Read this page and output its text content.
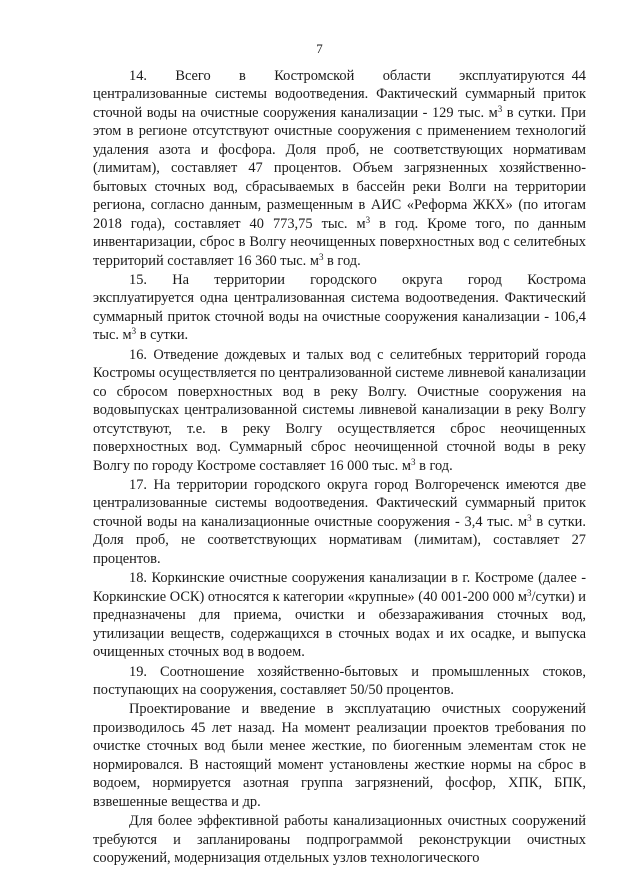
7

14.    Всего    в    Костромской    области    эксплуатируются 44 централизованные системы водоотведения. Фактический суммарный приток сточной воды на очистные сооружения канализации - 129 тыс. $м^3$ в сутки. При этом в регионе отсутствуют очистные сооружения с применением технологий удаления азота и фосфора. Доля проб, не соответствующих нормативам (лимитам), составляет 47 процентов. Объем загрязненных хозяйственно-бытовых сточных вод, сбрасываемых в бассейн реки Волги на территории региона, согласно данным, размещенным в АИС «Реформа ЖКХ» (по итогам 2018 года), составляет 40 773,75 тыс. $м^3$ в год. Кроме того, по данным инвентаризации, сброс в Волгу неочищенных поверхностных вод с селитебных территорий составляет 16 360 тыс. $м^3$ в год.

15.    На    территории    городского    округа    город    Кострома эксплуатируется одна централизованная система водоотведения. Фактический суммарный приток сточной воды на очистные сооружения канализации - 106,4 тыс. $м^3$ в сутки.

16. Отведение дождевых и талых вод с селитебных территорий города Костромы осуществляется по централизованной системе ливневой канализации со сбросом поверхностных вод в реку Волгу. Очистные сооружения на водовыпусках централизованной системы ливневой канализации в реку Волгу отсутствуют, т.е. в реку Волгу осуществляется сброс неочищенных поверхностных вод. Суммарный сброс неочищенной сточной воды в реку Волгу по городу Костроме составляет 16 000 тыс. $м^3$ в год.

17. На территории городского округа город Волгореченск имеются две централизованные системы водоотведения. Фактический суммарный приток сточной воды на канализационные очистные сооружения - 3,4 тыс. $м^3$ в сутки. Доля проб, не соответствующих нормативам (лимитам), составляет 27 процентов.

18. Коркинские очистные сооружения канализации в г. Костроме (далее - Коркинские ОСК) относятся к категории «крупные» (40 001-200 000 $м^3/сутки$) и предназначены для приема, очистки и обеззараживания сточных вод, утилизации веществ, содержащихся в сточных водах и их осадке, и выпуска очищенных сточных вод в водоем.

19. Соотношение хозяйственно-бытовых и промышленных стоков, поступающих на сооружения, составляет 50/50 процентов.

Проектирование и введение в эксплуатацию очистных сооружений производилось 45 лет назад. На момент реализации проектов требования по очистке сточных вод были менее жесткие, по биогенным элементам сток не нормировался. В настоящий момент установлены жесткие нормы на сброс в водоем, нормируется азотная группа загрязнений, фосфор, ХПК, БПК, взвешенные вещества и др.

Для более эффективной работы канализационных очистных сооружений требуются и запланированы подпрограммой реконструкции очистных сооружений, модернизация отдельных узлов технологического
